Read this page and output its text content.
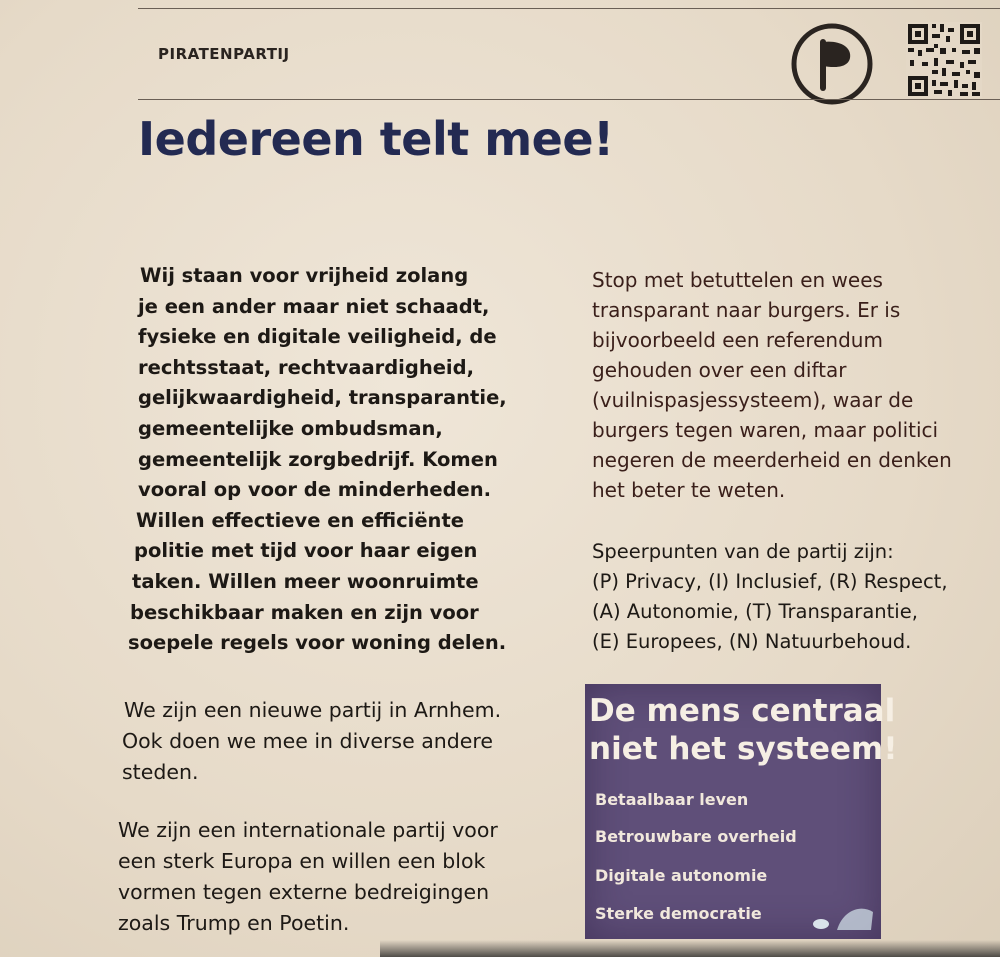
PIRATENPARTIJ
Iedereen telt mee!
Wij staan voor vrijheid zolang
je een ander maar niet schaadt,
fysieke en digitale veiligheid, de
rechtsstaat, rechtvaardigheid,
gelijkwaardigheid, transparantie,
gemeentelijke ombudsman,
gemeentelijk zorgbedrijf. Komen
vooral op voor de minderheden.
Willen effectieve en efficiënte
politie met tijd voor haar eigen
taken. Willen meer woonruimte
beschikbaar maken en zijn voor
soepele regels voor woning delen.
We zijn een nieuwe partij in Arnhem.
Ook doen we mee in diverse andere
steden.
We zijn een internationale partij voor
een sterk Europa en willen een blok
vormen tegen externe bedreigingen
zoals Trump en Poetin.
Stop met betuttelen en wees
transparant naar burgers. Er is
bijvoorbeeld een referendum
gehouden over een diftar
(vuilnispasjessysteem), waar de
burgers tegen waren, maar politici
negeren de meerderheid en denken
het beter te weten.
Speerpunten van de partij zijn:
(P) Privacy, (I) Inclusief, (R) Respect,
(A) Autonomie, (T) Transparantie,
(E) Europees, (N) Natuurbehoud.
De mens centraal
niet het systeem!
Betaalbaar leven
Betrouwbare overheid
Digitale autonomie
Sterke democratie
